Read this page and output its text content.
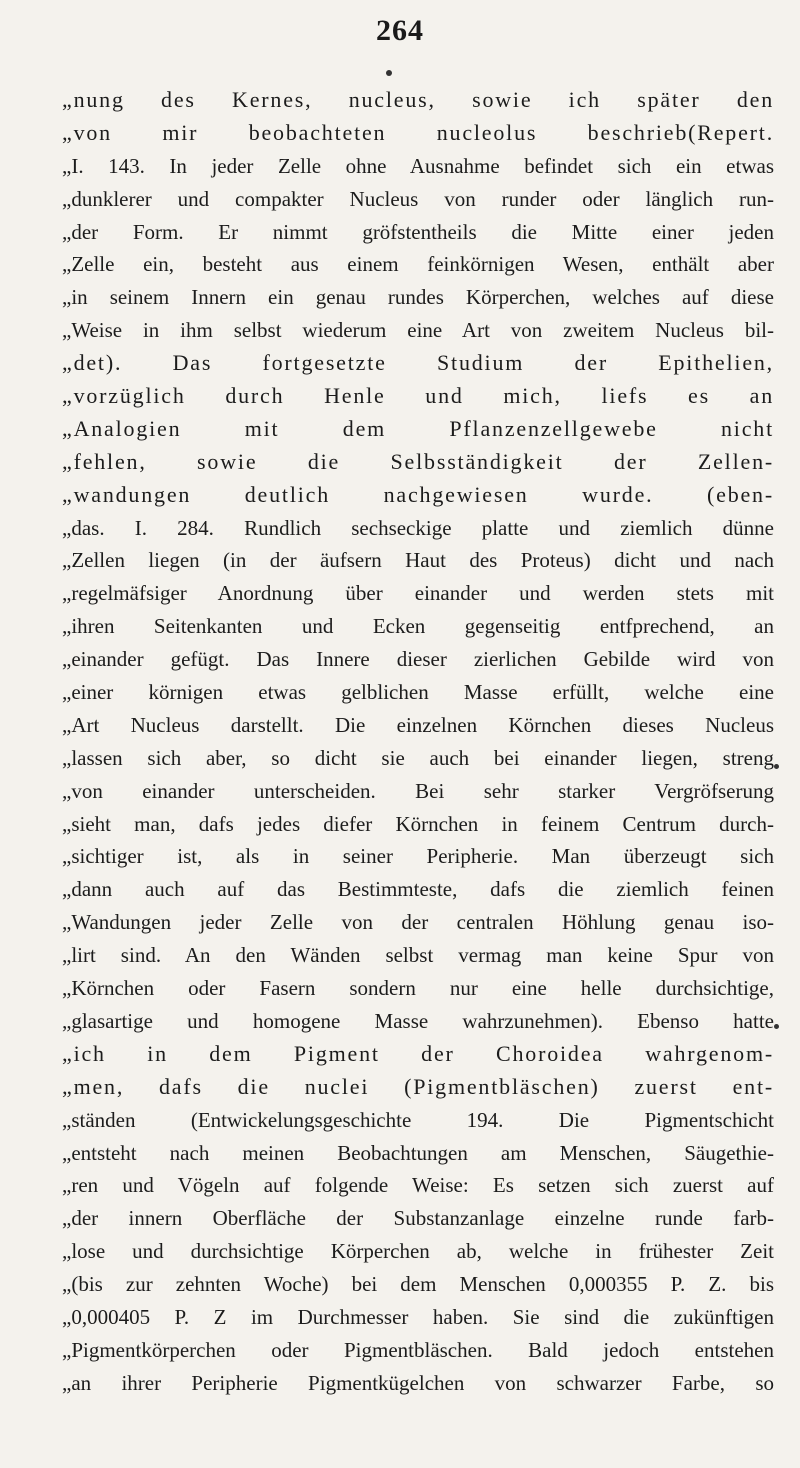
264
„nung des Kernes, nucleus, sowie ich später den
„von mir beobachteten nucleolus beschrieb(Repert.
„I. 143. In jeder Zelle ohne Ausnahme befindet sich ein etwas
„dunklerer und compakter Nucleus von runder oder länglich run-
„der Form. Er nimmt gröfstentheils die Mitte einer jeden
„Zelle ein, besteht aus einem feinkörnigen Wesen, enthält aber
„in seinem Innern ein genau rundes Körperchen, welches auf diese
„Weise in ihm selbst wiederum eine Art von zweitem Nucleus bil-
„det). Das fortgesetzte Studium der Epithelien,
„vorzüglich durch Henle und mich, liefs es an
„Analogien mit dem Pflanzenzellgewebe nicht
„fehlen, sowie die Selbsständigkeit der Zellen-
„wandungen deutlich nachgewiesen wurde. (eben-
„das. I. 284. Rundlich sechseckige platte und ziemlich dünne
„Zellen liegen (in der äufsern Haut des Proteus) dicht und nach
„regelmäfsiger Anordnung über einander und werden stets mit
„ihren Seitenkanten und Ecken gegenseitig entfprechend, an
„einander gefügt. Das Innere dieser zierlichen Gebilde wird von
„einer körnigen etwas gelblichen Masse erfüllt, welche eine
„Art Nucleus darstellt. Die einzelnen Körnchen dieses Nucleus
„lassen sich aber, so dicht sie auch bei einander liegen, streng
„von einander unterscheiden. Bei sehr starker Vergröfserung
„sieht man, dafs jedes diefer Körnchen in feinem Centrum durch-
„sichtiger ist, als in seiner Peripherie. Man überzeugt sich
„dann auch auf das Bestimmteste, dafs die ziemlich feinen
„Wandungen jeder Zelle von der centralen Höhlung genau iso-
„lirt sind. An den Wänden selbst vermag man keine Spur von
„Körnchen oder Fasern sondern nur eine helle durchsichtige,
„glasartige und homogene Masse wahrzunehmen). Ebenso hatte
„ich in dem Pigment der Choroidea wahrgenom-
„men, dafs die nuclei (Pigmentbläschen) zuerst ent-
„ständen (Entwickelungsgeschichte 194. Die Pigmentschicht
„entsteht nach meinen Beobachtungen am Menschen, Säugethie-
„ren und Vögeln auf folgende Weise: Es setzen sich zuerst auf
„der innern Oberfläche der Substanzanlage einzelne runde farb-
„lose und durchsichtige Körperchen ab, welche in frühester Zeit
„(bis zur zehnten Woche) bei dem Menschen 0,000355 P. Z. bis
„0,000405 P. Z im Durchmesser haben. Sie sind die zukünftigen
„Pigmentkörperchen oder Pigmentbläschen. Bald jedoch entstehen
„an ihrer Peripherie Pigmentkügelchen von schwarzer Farbe, so
